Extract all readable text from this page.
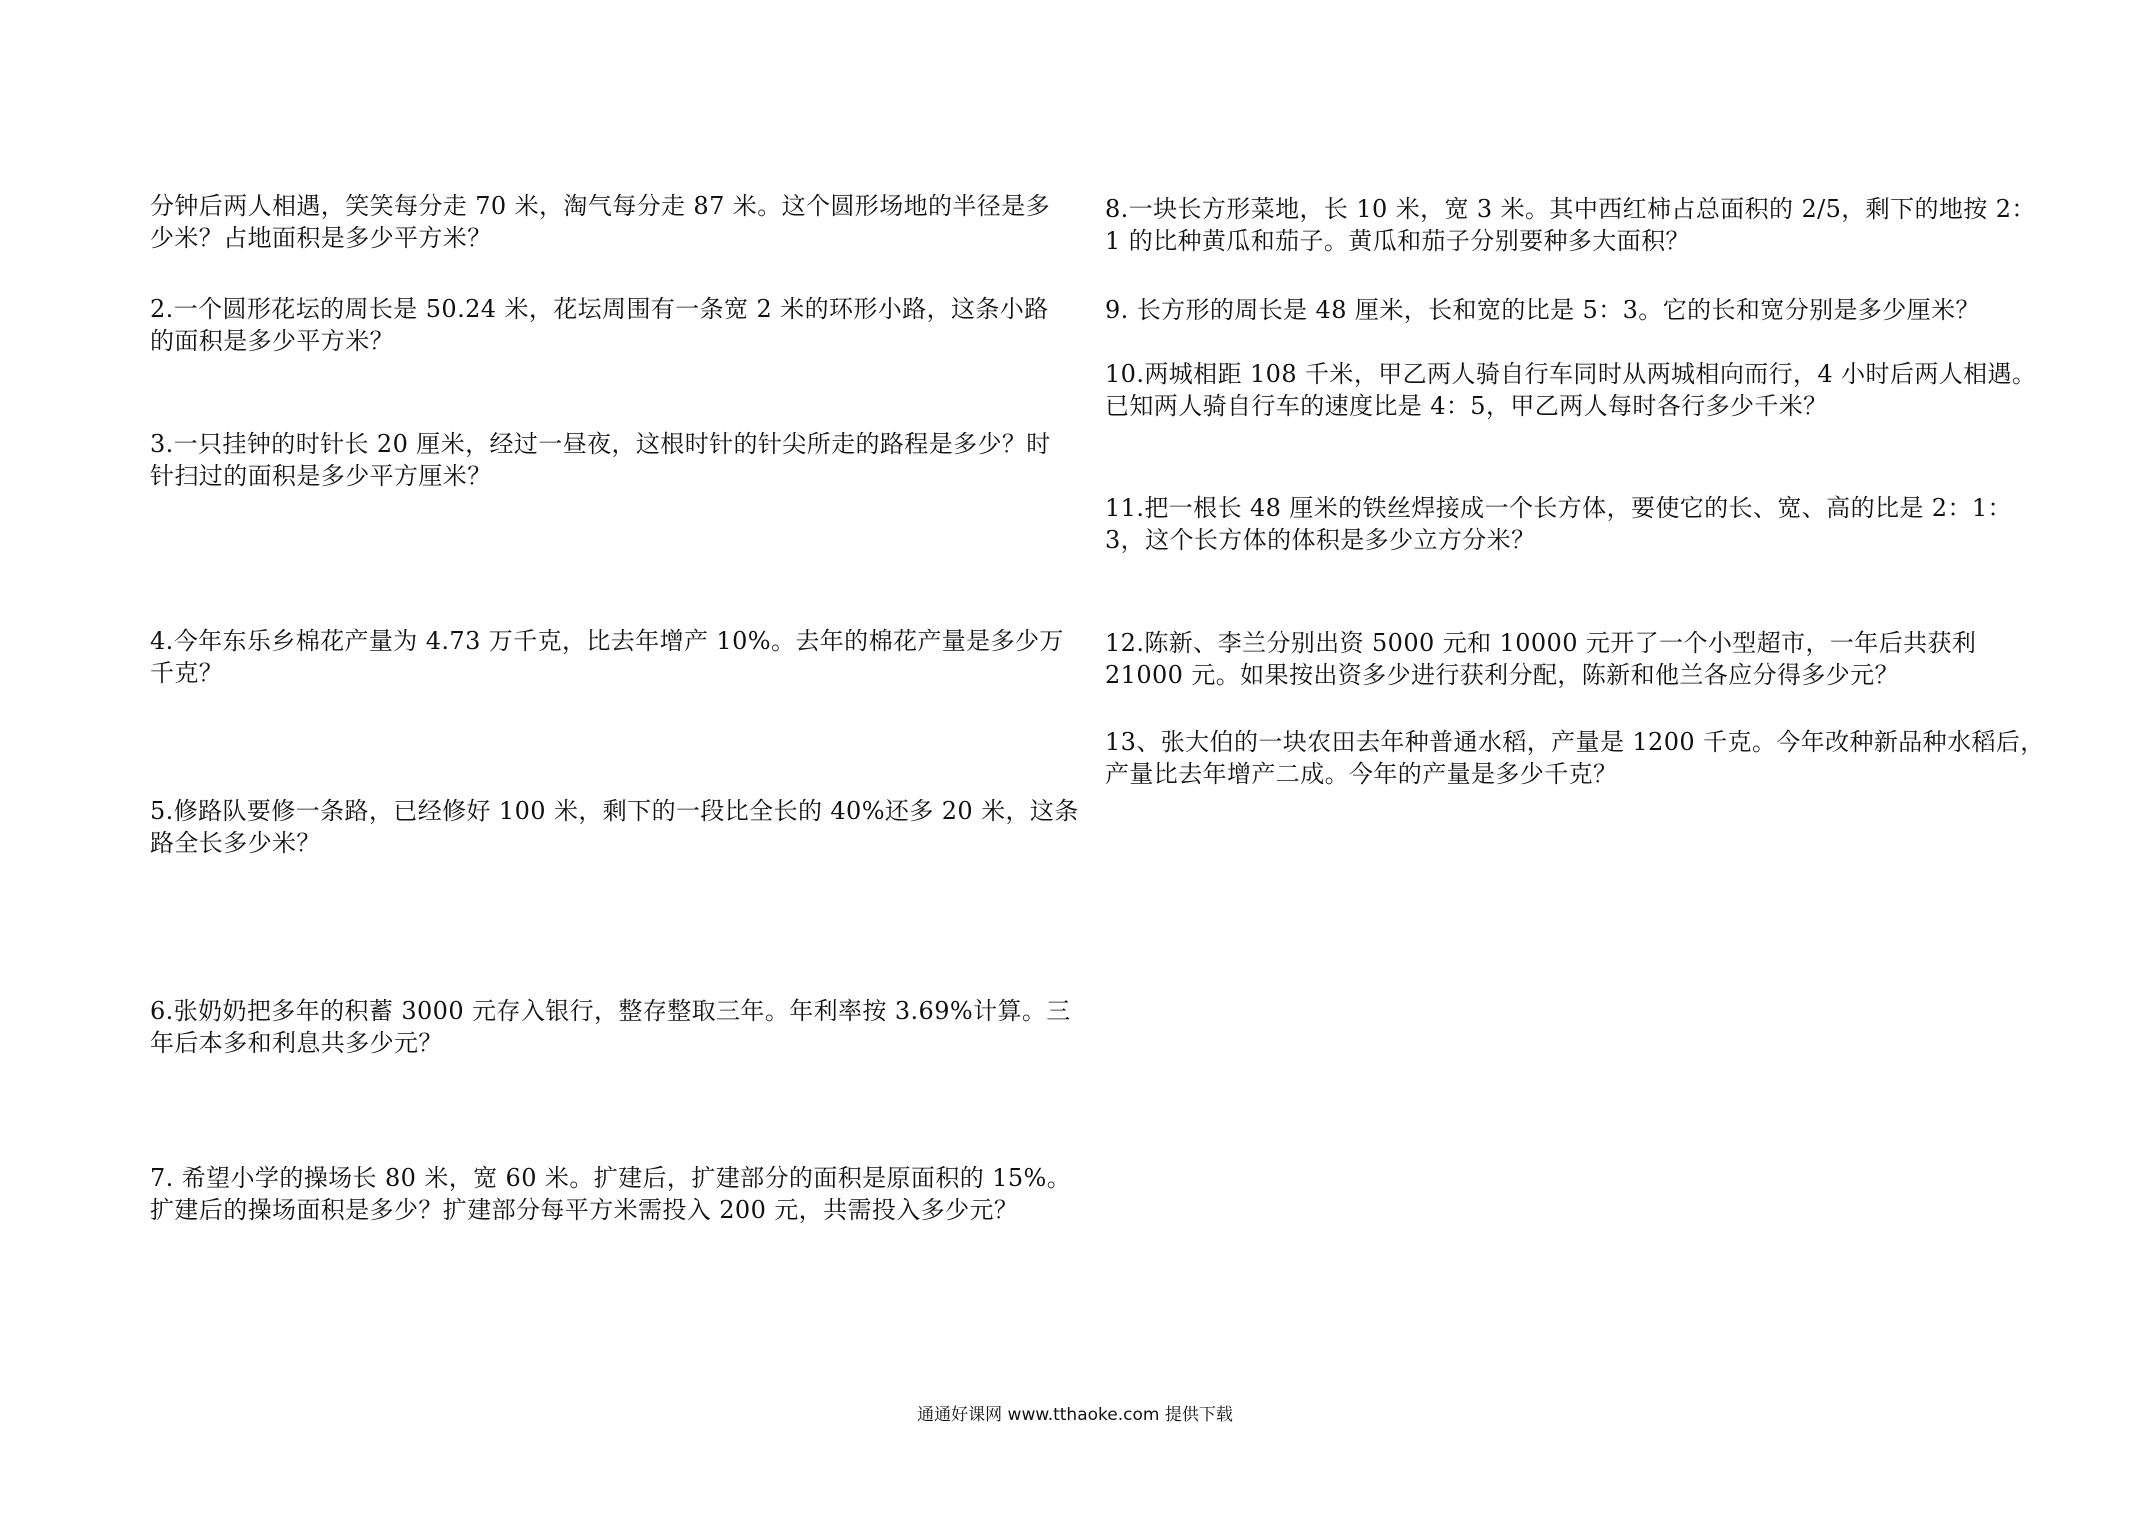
分钟后两人相遇，笑笑每分走 70 米，淘气每分走 87 米。这个圆形场地的半径是多
少米？占地面积是多少平方米？
2.一个圆形花坛的周长是 50.24 米，花坛周围有一条宽 2 米的环形小路，这条小路
的面积是多少平方米？
3.一只挂钟的时针长 20 厘米，经过一昼夜，这根时针的针尖所走的路程是多少？时
针扫过的面积是多少平方厘米？
4.今年东乐乡棉花产量为 4.73 万千克，比去年增产 10%。去年的棉花产量是多少万
千克？
5.修路队要修一条路，已经修好 100 米，剩下的一段比全长的 40%还多 20 米，这条
路全长多少米？
6.张奶奶把多年的积蓄 3000 元存入银行，整存整取三年。年利率按 3.69%计算。三
年后本多和利息共多少元？
7. 希望小学的操场长 80 米，宽 60 米。扩建后，扩建部分的面积是原面积的 15%。
扩建后的操场面积是多少？扩建部分每平方米需投入 200 元，共需投入多少元？
8.一块长方形菜地，长 10 米，宽 3 米。其中西红柿占总面积的 2/5，剩下的地按 2：
1 的比种黄瓜和茄子。黄瓜和茄子分别要种多大面积？
9. 长方形的周长是 48 厘米，长和宽的比是 5：3。它的长和宽分别是多少厘米？
10.两城相距 108 千米，甲乙两人骑自行车同时从两城相向而行，4 小时后两人相遇。
已知两人骑自行车的速度比是 4：5，甲乙两人每时各行多少千米？
11.把一根长 48 厘米的铁丝焊接成一个长方体，要使它的长、宽、高的比是 2：1：
3，这个长方体的体积是多少立方分米？
12.陈新、李兰分别出资 5000 元和 10000 元开了一个小型超市，一年后共获利
21000 元。如果按出资多少进行获利分配，陈新和他兰各应分得多少元？
13、张大伯的一块农田去年种普通水稻，产量是 1200 千克。今年改种新品种水稻后，
产量比去年增产二成。今年的产量是多少千克？
通通好课网 www.tthaoke.com 提供下载
